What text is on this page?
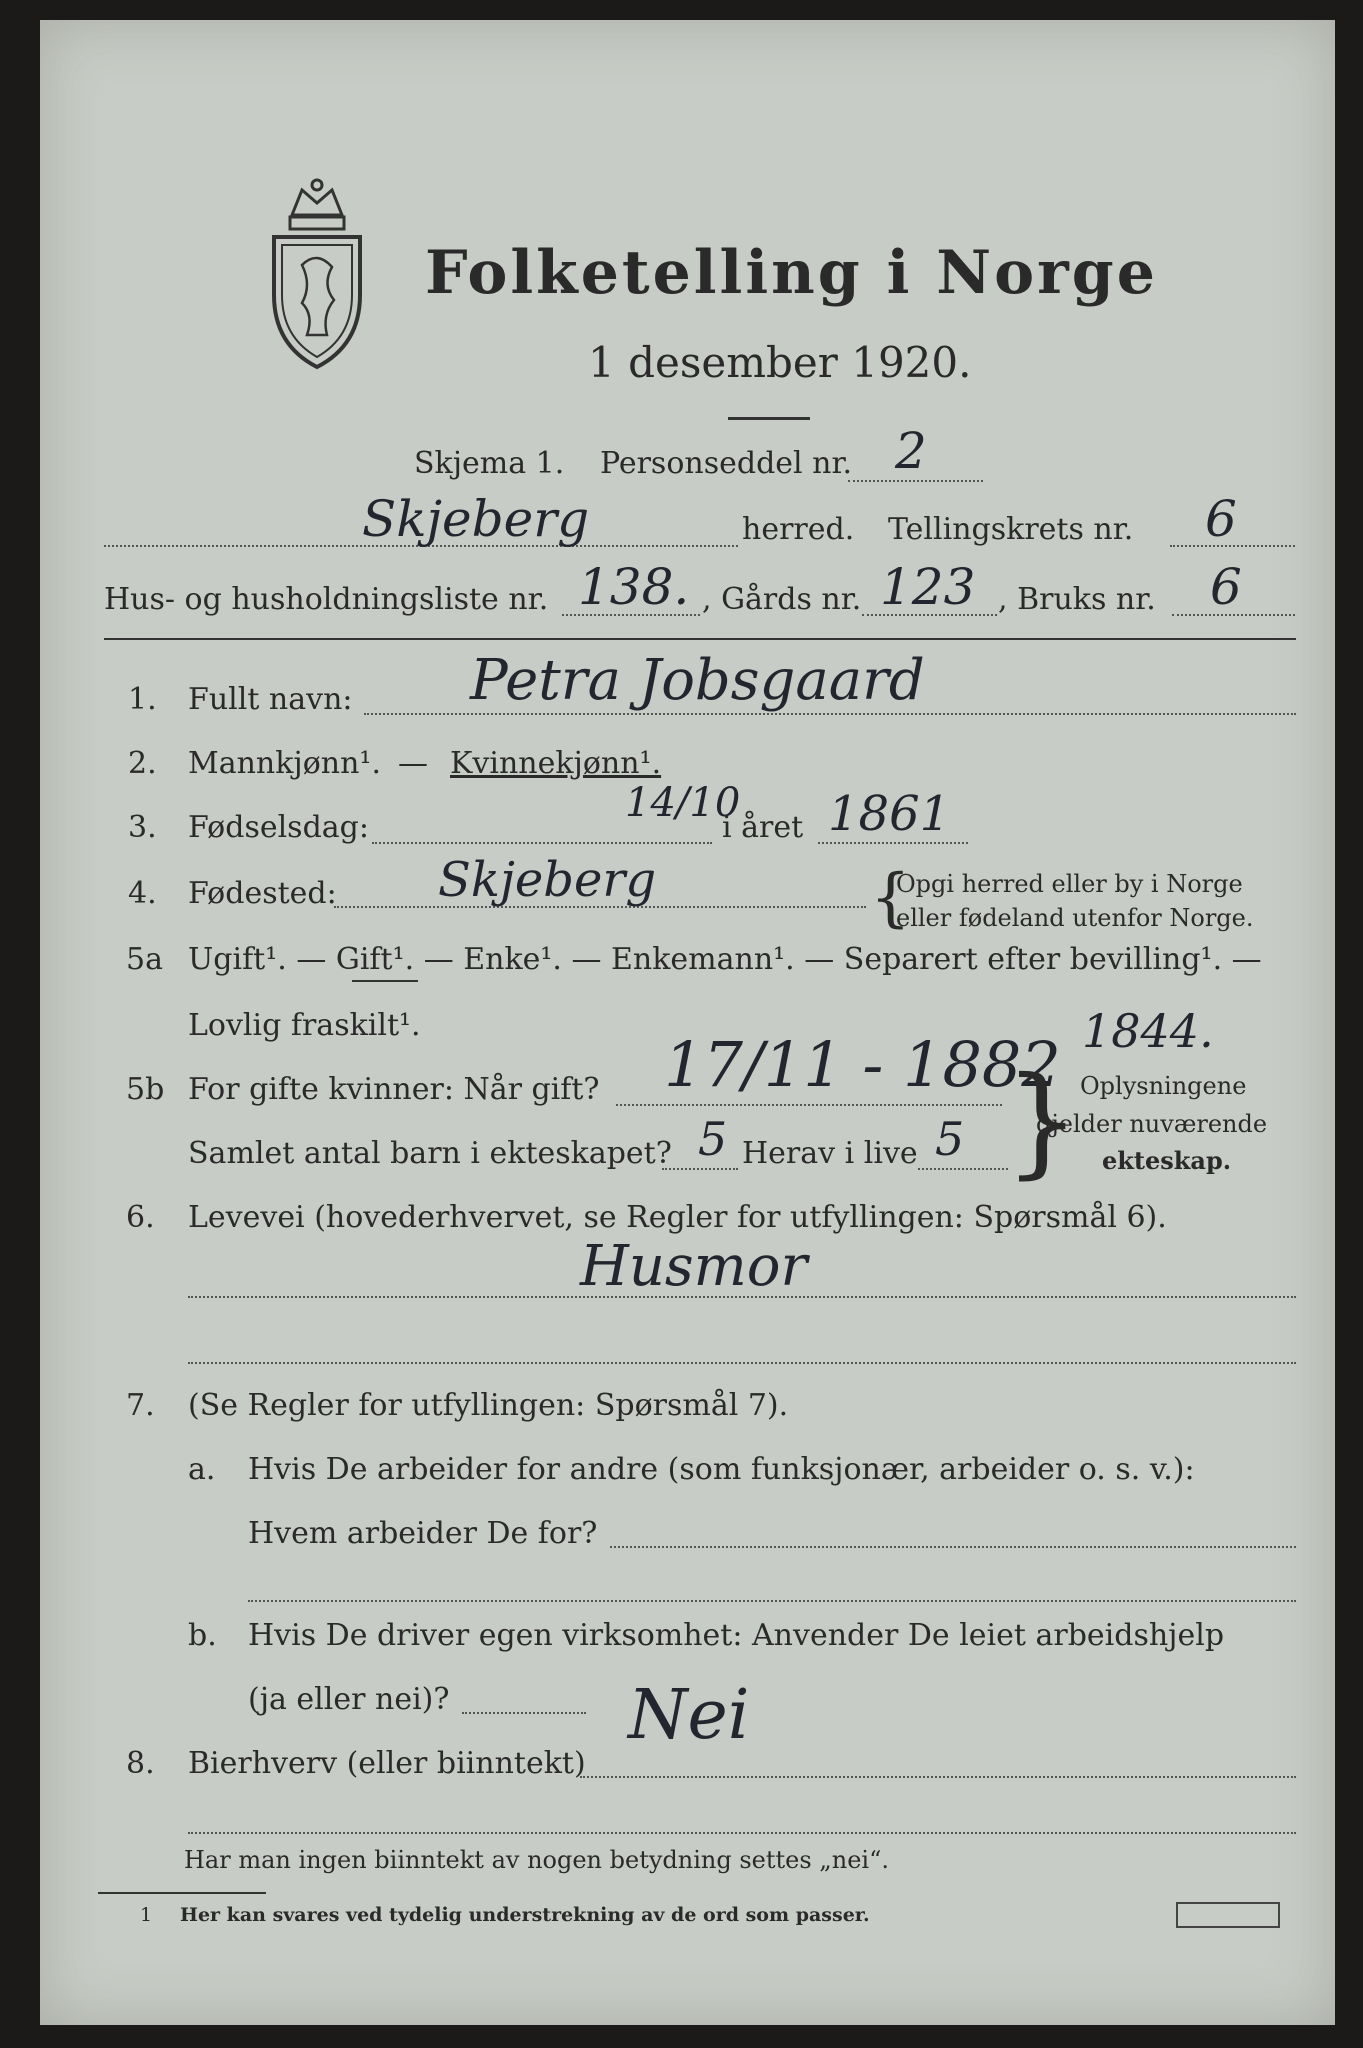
Folketelling i Norge
1 desember 1920.
Skjema 1. Personseddel nr. 2
Skjeberg	herred. Tellingskrets nr. 6
Hus- og husholdningsliste nr. 138. , Gårds nr. 123 , Bruks nr. 6
1. Fullt navn: Petra Jobsgaard
2. Mannkjønn¹. — Kvinnekjønn¹.
3. Fødselsdag:
14/10
i året 1861
4. Fødested: Skjeberg	{
Opgi herred eller by i Norge
eller fødeland utenfor Norge.
5a Ugift¹. — Gift¹. — Enke¹. — Enkemann¹. — Separert efter bevilling¹. —
Lovlig fraskilt¹.	1844.
5b For gifte kvinner: Når gift? 17/11 - 1882
Samlet antal barn i ekteskapet? 5 Herav i live 5 } Oplysningene
gjelder nuværende
ekteskap.
6. Levevei (hovederhvervet, se Regler for utfyllingen: Spørsmål 6).
Husmor
7. (Se Regler for utfyllingen: Spørsmål 7).
a. Hvis De arbeider for andre (som funksjonær, arbeider o. s. v.):
Hvem arbeider De for?
b. Hvis De driver egen virksomhet: Anvender De leiet arbeidshjelp
(ja eller nei)?	Nei
8. Bierhverv (eller biinntekt)
Har man ingen biinntekt av nogen betydning settes „nei“.
1 Her kan svares ved tydelig understrekning av de ord som passer.
